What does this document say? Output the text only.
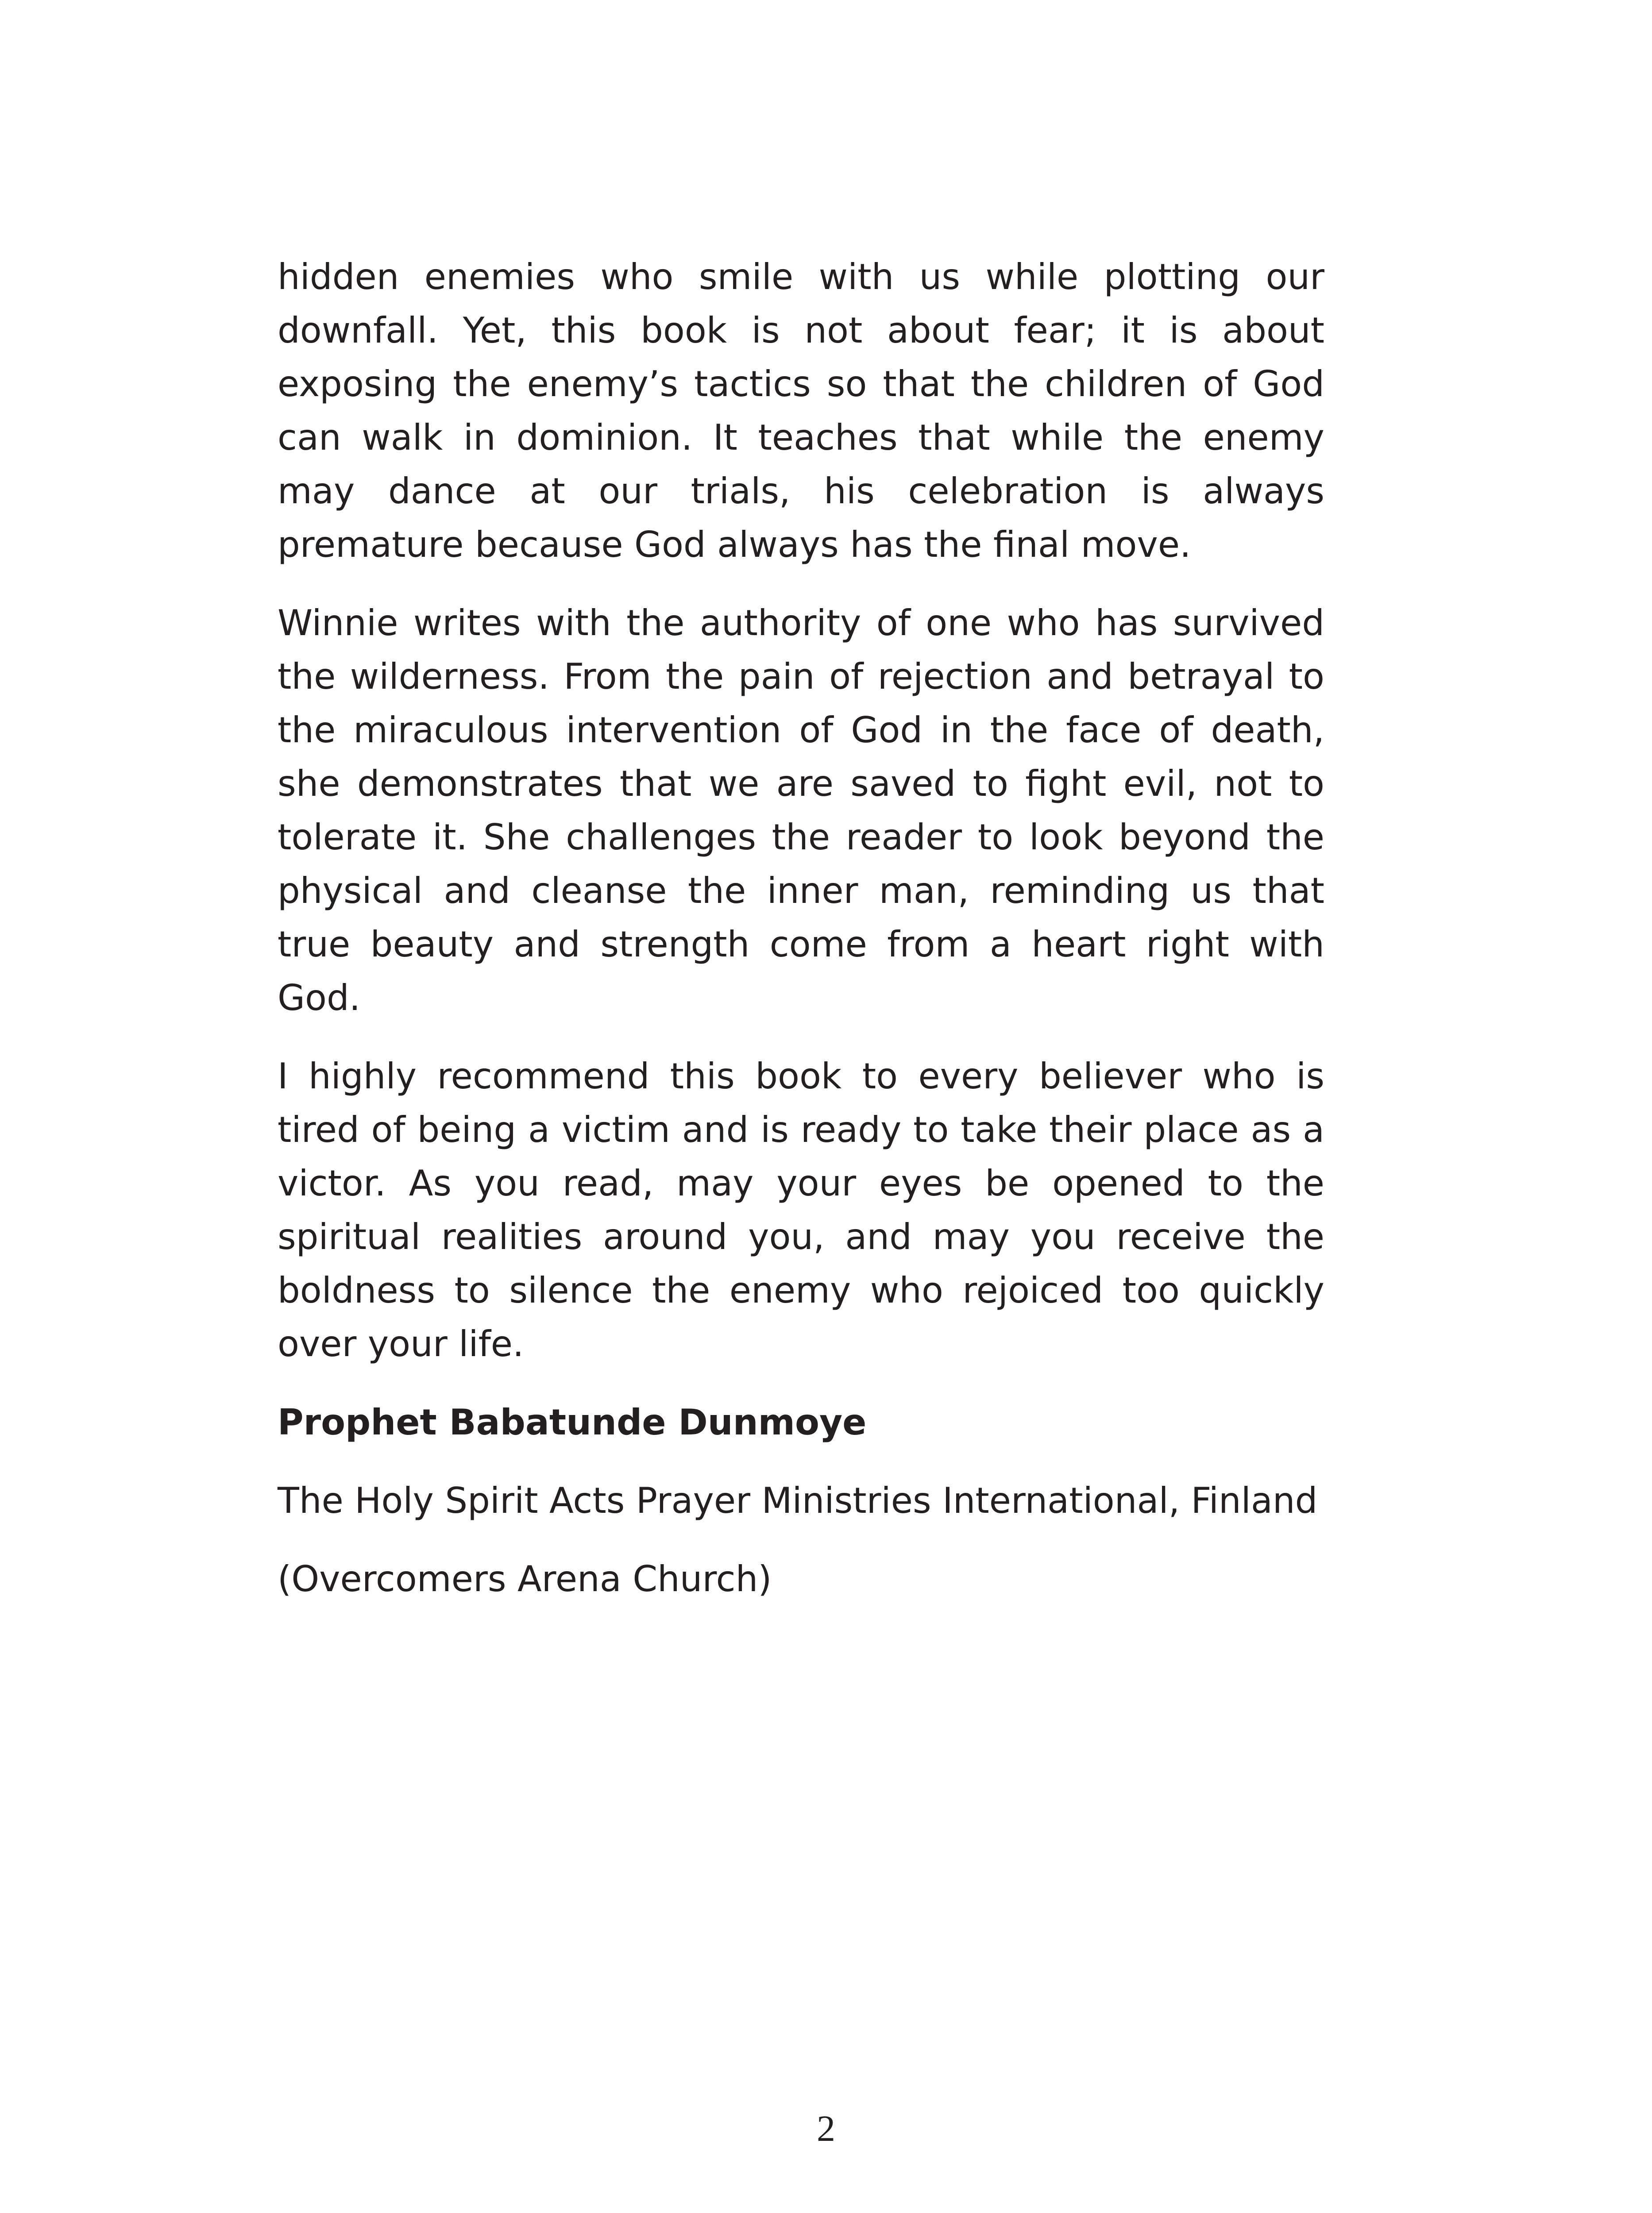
hidden enemies who smile with us while plotting our downfall. Yet, this book is not about fear; it is about exposing the enemy’s tactics so that the children of God can walk in dominion. It teaches that while the enemy may dance at our trials, his celebration is always premature because God always has the final move.

Winnie writes with the authority of one who has survived the wilderness. From the pain of rejection and betrayal to the miraculous intervention of God in the face of death, she demonstrates that we are saved to fight evil, not to tolerate it. She challenges the reader to look beyond the physical and cleanse the inner man, reminding us that true beauty and strength come from a heart right with God.

I highly recommend this book to every believer who is tired of being a victim and is ready to take their place as a victor. As you read, may your eyes be opened to the spiritual realities around you, and may you receive the boldness to silence the enemy who rejoiced too quickly over your life.

Prophet Babatunde Dunmoye

The Holy Spirit Acts Prayer Ministries International, Finland

(Overcomers Arena Church)

2
